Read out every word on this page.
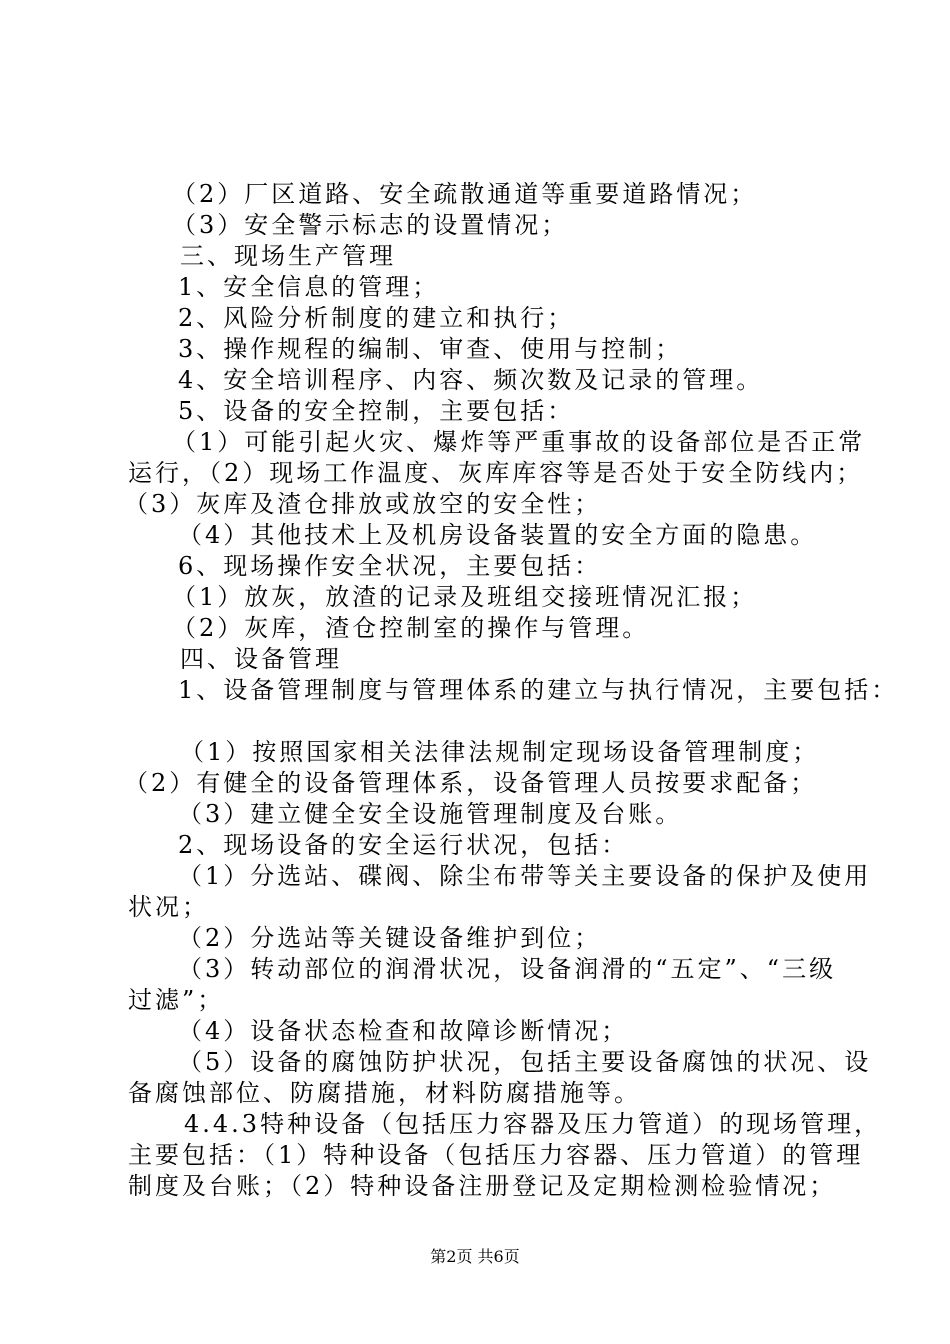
（2）厂区道路、安全疏散通道等重要道路情况；
（3）安全警示标志的设置情况；
三、现场生产管理
1、安全信息的管理；
2、风险分析制度的建立和执行；
3、操作规程的编制、审查、使用与控制；
4、安全培训程序、内容、频次数及记录的管理。
5、设备的安全控制，主要包括：
（1）可能引起火灾、爆炸等严重事故的设备部位是否正常
运行，（2）现场工作温度、灰库库容等是否处于安全防线内；
（3）灰库及渣仓排放或放空的安全性；
（4）其他技术上及机房设备装置的安全方面的隐患。
6、现场操作安全状况，主要包括：
（1）放灰，放渣的记录及班组交接班情况汇报；
（2）灰库，渣仓控制室的操作与管理。
四、设备管理
1、设备管理制度与管理体系的建立与执行情况，主要包括：
（1）按照国家相关法律法规制定现场设备管理制度；
（2）有健全的设备管理体系，设备管理人员按要求配备；
（3）建立健全安全设施管理制度及台账。
2、现场设备的安全运行状况，包括：
（1）分选站、碟阀、除尘布带等关主要设备的保护及使用
状况；
（2）分选站等关键设备维护到位；
（3）转动部位的润滑状况，设备润滑的“五定”、“三级
过滤”；
（4）设备状态检查和故障诊断情况；
（5）设备的腐蚀防护状况，包括主要设备腐蚀的状况、设
备腐蚀部位、防腐措施，材料防腐措施等。
4.4.3特种设备（包括压力容器及压力管道）的现场管理，
主要包括：（1）特种设备（包括压力容器、压力管道）的管理
制度及台账；（2）特种设备注册登记及定期检测检验情况；
第2页 共6页
